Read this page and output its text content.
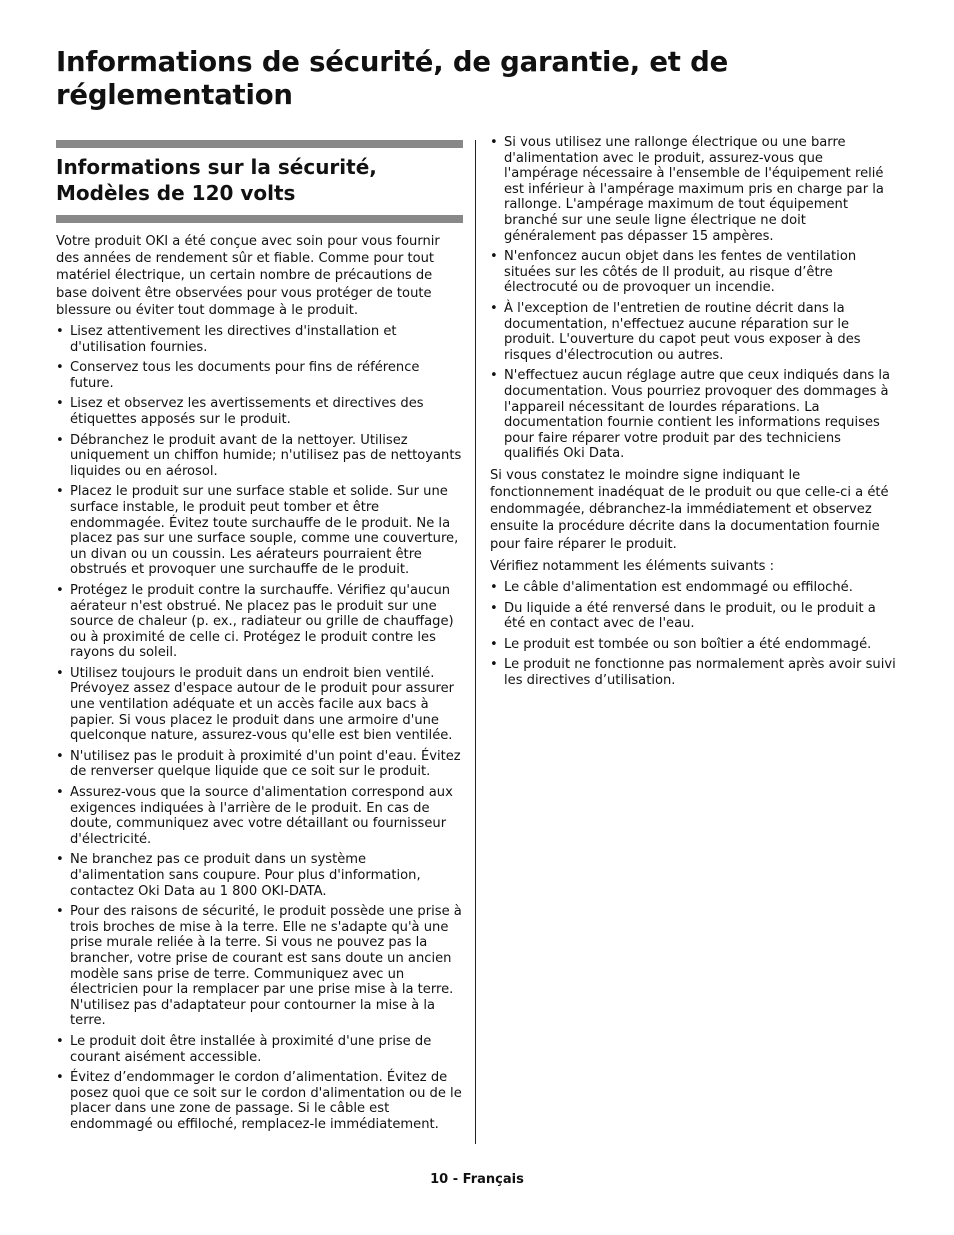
Informations de sécurité, de garantie, et de réglementation
Informations sur la sécurité, Modèles de 120 volts

Votre produit OKI a été conçue avec soin pour vous fournir des années de rendement sûr et fiable. Comme pour tout matériel électrique, un certain nombre de précautions de base doivent être observées pour vous protéger de toute blessure ou éviter tout dommage à le produit.

• Lisez attentivement les directives d'installation et d'utilisation fournies.
• Conservez tous les documents pour fins de référence future.
• Lisez et observez les avertissements et directives des étiquettes apposés sur le produit.
• Débranchez le produit avant de la nettoyer. Utilisez uniquement un chiffon humide; n'utilisez pas de nettoyants liquides ou en aérosol.
• Placez le produit sur une surface stable et solide. Sur une surface instable, le produit peut tomber et être endommagée. Évitez toute surchauffe de le produit. Ne la placez pas sur une surface souple, comme une couverture, un divan ou un coussin. Les aérateurs pourraient être obstrués et provoquer une surchauffe de le produit.
• Protégez le produit contre la surchauffe. Vérifiez qu'aucun aérateur n'est obstrué. Ne placez pas le produit sur une source de chaleur (p. ex., radiateur ou grille de chauffage) ou à proximité de celle ci. Protégez le produit contre les rayons du soleil.
• Utilisez toujours le produit dans un endroit bien ventilé. Prévoyez assez d'espace autour de le produit pour assurer une ventilation adéquate et un accès facile aux bacs à papier. Si vous placez le produit dans une armoire d'une quelconque nature, assurez-vous qu'elle est bien ventilée.
• N'utilisez pas le produit à proximité d'un point d'eau. Évitez de renverser quelque liquide que ce soit sur le produit.
• Assurez-vous que la source d'alimentation correspond aux exigences indiquées à l'arrière de le produit. En cas de doute, communiquez avec votre détaillant ou fournisseur d'électricité.
• Ne branchez pas ce produit dans un système d'alimentation sans coupure. Pour plus d'information, contactez Oki Data au 1 800 OKI-DATA.
• Pour des raisons de sécurité, le produit possède une prise à trois broches de mise à la terre. Elle ne s'adapte qu'à une prise murale reliée à la terre. Si vous ne pouvez pas la brancher, votre prise de courant est sans doute un ancien modèle sans prise de terre. Communiquez avec un électricien pour la remplacer par une prise mise à la terre. N'utilisez pas d'adaptateur pour contourner la mise à la terre.
• Le produit doit être installée à proximité d'une prise de courant aisément accessible.
• Évitez d’endommager le cordon d’alimentation. Évitez de posez quoi que ce soit sur le cordon d'alimentation ou de le placer dans une zone de passage. Si le câble est endommagé ou effiloché, remplacez-le immédiatement.
• Si vous utilisez une rallonge électrique ou une barre d'alimentation avec le produit, assurez-vous que l'ampérage nécessaire à l'ensemble de l'équipement relié est inférieur à l'ampérage maximum pris en charge par la rallonge. L'ampérage maximum de tout équipement branché sur une seule ligne électrique ne doit généralement pas dépasser 15 ampères.
• N'enfoncez aucun objet dans les fentes de ventilation situées sur les côtés de ll produit, au risque d’être électrocuté ou de provoquer un incendie.
• À l'exception de l'entretien de routine décrit dans la documentation, n'effectuez aucune réparation sur le produit. L'ouverture du capot peut vous exposer à des risques d'électrocution ou autres.
• N'effectuez aucun réglage autre que ceux indiqués dans la documentation. Vous pourriez provoquer des dommages à l'appareil nécessitant de lourdes réparations. La documentation fournie contient les informations requises pour faire réparer votre produit par des techniciens qualifiés Oki Data.

Si vous constatez le moindre signe indiquant le fonctionnement inadéquat de le produit ou que celle-ci a été endommagée, débranchez-la immédiatement et observez ensuite la procédure décrite dans la documentation fournie pour faire réparer le produit.

Vérifiez notamment les éléments suivants :

• Le câble d'alimentation est endommagé ou effiloché.
• Du liquide a été renversé dans le produit, ou le produit a été en contact avec de l'eau.
• Le produit est tombée ou son boîtier a été endommagé.
• Le produit ne fonctionne pas normalement après avoir suivi les directives d’utilisation.
10 - Français
